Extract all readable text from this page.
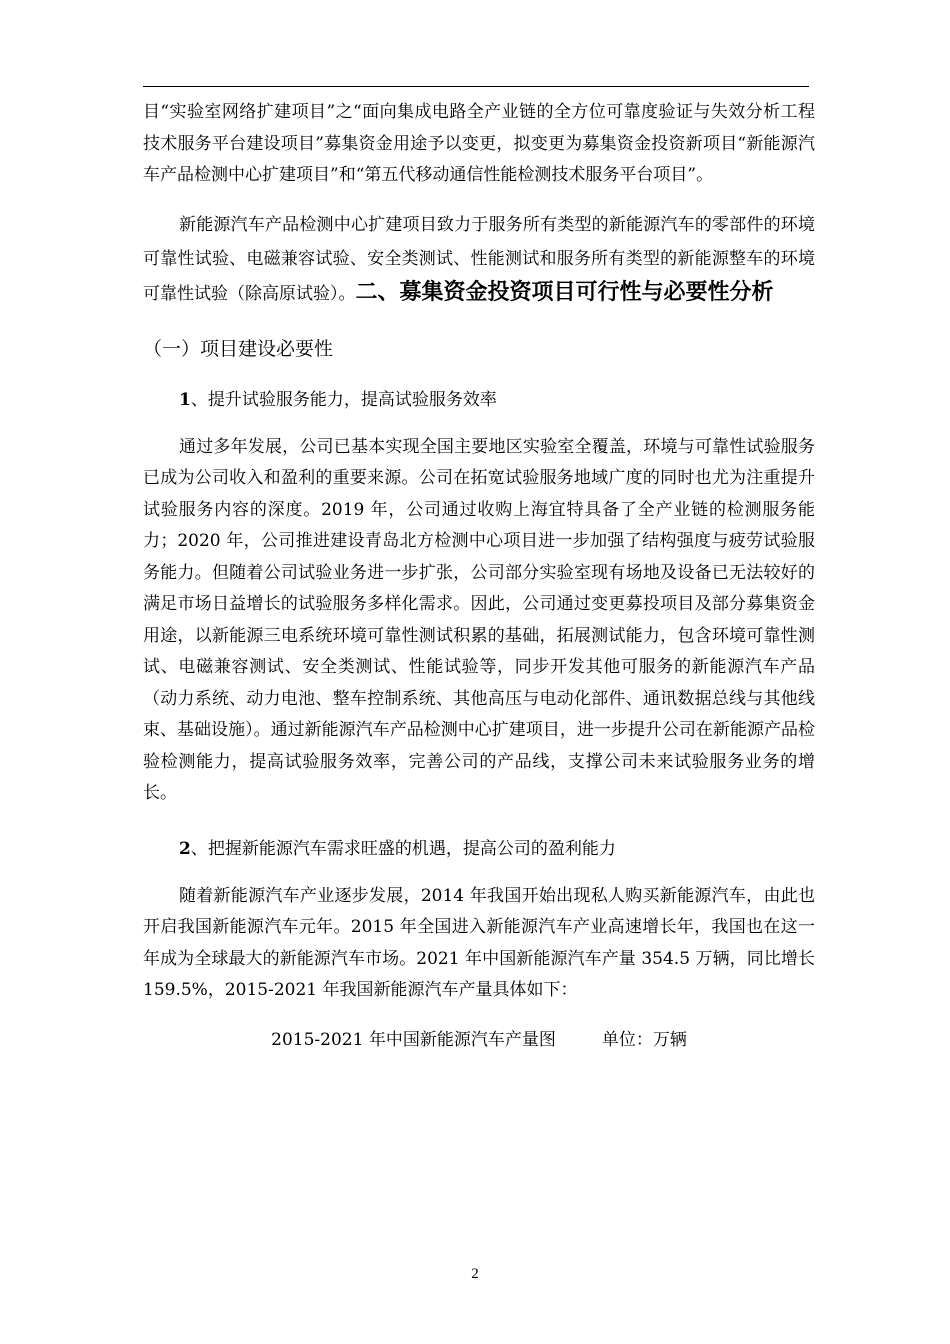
目“实验室网络扩建项目”之“面向集成电路全产业链的全方位可靠度验证与失效分析工程技术服务平台建设项目”募集资金用途予以变更，拟变更为募集资金投资新项目“新能源汽车产品检测中心扩建项目”和“第五代移动通信性能检测技术服务平台项目”。

新能源汽车产品检测中心扩建项目致力于服务所有类型的新能源汽车的零部件的环境可靠性试验、电磁兼容试验、安全类测试、性能测试和服务所有类型的新能源整车的环境可靠性试验（除高原试验）。二、募集资金投资项目可行性与必要性分析

（一）项目建设必要性

1、提升试验服务能力，提高试验服务效率

通过多年发展，公司已基本实现全国主要地区实验室全覆盖，环境与可靠性试验服务已成为公司收入和盈利的重要来源。公司在拓宽试验服务地域广度的同时也尤为注重提升试验服务内容的深度。2019 年，公司通过收购上海宜特具备了全产业链的检测服务能力；2020 年，公司推进建设青岛北方检测中心项目进一步加强了结构强度与疲劳试验服务能力。但随着公司试验业务进一步扩张，公司部分实验室现有场地及设备已无法较好的满足市场日益增长的试验服务多样化需求。因此，公司通过变更募投项目及部分募集资金用途，以新能源三电系统环境可靠性测试积累的基础，拓展测试能力，包含环境可靠性测试、电磁兼容测试、安全类测试、性能试验等，同步开发其他可服务的新能源汽车产品（动力系统、动力电池、整车控制系统、其他高压与电动化部件、通讯数据总线与其他线束、基础设施）。通过新能源汽车产品检测中心扩建项目，进一步提升公司在新能源产品检验检测能力，提高试验服务效率，完善公司的产品线，支撑公司未来试验服务业务的增长。

2、把握新能源汽车需求旺盛的机遇，提高公司的盈利能力

随着新能源汽车产业逐步发展，2014 年我国开始出现私人购买新能源汽车，由此也开启我国新能源汽车元年。2015 年全国进入新能源汽车产业高速增长年，我国也在这一年成为全球最大的新能源汽车市场。2021 年中国新能源汽车产量 354.5 万辆，同比增长 159.5%，2015-2021 年我国新能源汽车产量具体如下：

2015-2021 年中国新能源汽车产量图	单位：万辆

2
